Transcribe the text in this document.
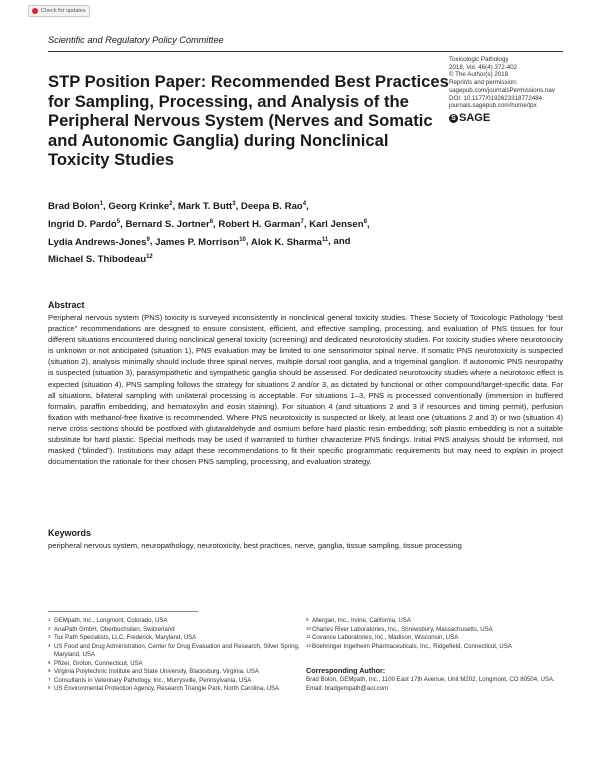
Check for updates
Scientific and Regulatory Policy Committee
Toxicologic Pathology
2018, Vol. 46(4) 372-402
© The Author(s) 2018
Reprints and permission:
sagepub.com/journalsPermissions.nav
DOI: 10.1177/0192623318772484
journals.sagepub.com/home/tpx
S SAGE
STP Position Paper: Recommended Best Practices for Sampling, Processing, and Analysis of the Peripheral Nervous System (Nerves and Somatic and Autonomic Ganglia) during Nonclinical Toxicity Studies
Brad Bolon$^1$, Georg Krinke$^2$, Mark T. Butt$^3$, Deepa B. Rao$^4$,
Ingrid D. Pardo$^5$, Bernard S. Jortner$^6$, Robert H. Garman$^7$, Karl Jensen$^8$,
Lydia Andrews-Jones$^9$, James P. Morrison$^{10}$, Alok K. Sharma$^{11}$, and
Michael S. Thibodeau$^{12}$
Abstract
Peripheral nervous system (PNS) toxicity is surveyed inconsistently in nonclinical general toxicity studies. These Society of Toxicologic Pathology “best practice” recommendations are designed to ensure consistent, efficient, and effective sampling, processing, and evaluation of PNS tissues for four different situations encountered during nonclinical general toxicity (screening) and dedicated neurotoxicity studies. For toxicity studies where neurotoxicity is unknown or not anticipated (situation 1), PNS evaluation may be limited to one sensorimotor spinal nerve. If somatic PNS neurotoxicity is suspected (situation 2), analysis minimally should include three spinal nerves, multiple dorsal root ganglia, and a trigeminal ganglion. If autonomic PNS neuropathy is suspected (situation 3), parasympathetic and sympathetic ganglia should be assessed. For dedicated neurotoxicity studies where a neurotoxic effect is expected (situation 4), PNS sampling follows the strategy for situations 2 and/or 3, as dictated by functional or other compound/target-specific data. For all situations, bilateral sampling with unilateral processing is acceptable. For situations 1–3, PNS is processed conventionally (immersion in buffered formalin, paraffin embedding, and hematoxylin and eosin staining). For situation 4 (and situations 2 and 3 if resources and timing permit), perfusion fixation with methanol-free fixative is recommended. Where PNS neurotoxicity is suspected or likely, at least one (situations 2 and 3) or two (situation 4) nerve cross sections should be postfixed with glutaraldehyde and osmium before hard plastic resin embedding; soft plastic embedding is not a suitable substitute for hard plastic. Special methods may be used if warranted to further characterize PNS findings. Initial PNS analysis should be informed, not masked (“blinded”). Institutions may adapt these recommendations to fit their specific programmatic requirements but may need to explain in project documentation the rationale for their chosen PNS sampling, processing, and evaluation strategy.
Keywords
peripheral nervous system, neuropathology, neurotoxicity, best practices, nerve, ganglia, tissue sampling, tissue processing
1 GEMpath, Inc., Longmont, Colorado, USA
2 AnaPath GmbH, Oberbuchsiten, Switzerland
3 Tox Path Specialists, LLC, Frederick, Maryland, USA
4 US Food and Drug Administration, Center for Drug Evaluation and Research, Silver Spring, Maryland, USA
5 Pfizer, Groton, Connecticut, USA
6 Virginia Polytechnic Institute and State University, Blacksburg, Virginia, USA
7 Consultants in Veterinary Pathology, Inc., Murrysville, Pennsylvania, USA
8 US Environmental Protection Agency, Research Triangle Park, North Carolina, USA
9 Allergan, Inc., Irvine, California, USA
10 Charles River Laboratories, Inc., Shrewsbury, Massachusetts, USA
11 Covance Laboratories, Inc., Madison, Wisconsin, USA
12 Boehringer Ingelheim Pharmaceuticals, Inc., Ridgefield, Connecticut, USA
Corresponding Author:
Brad Bolon, GEMpath, Inc., 1100 East 17th Avenue, Unit M202, Longmont, CO 80504, USA.
Email: bradgempath@aol.com
